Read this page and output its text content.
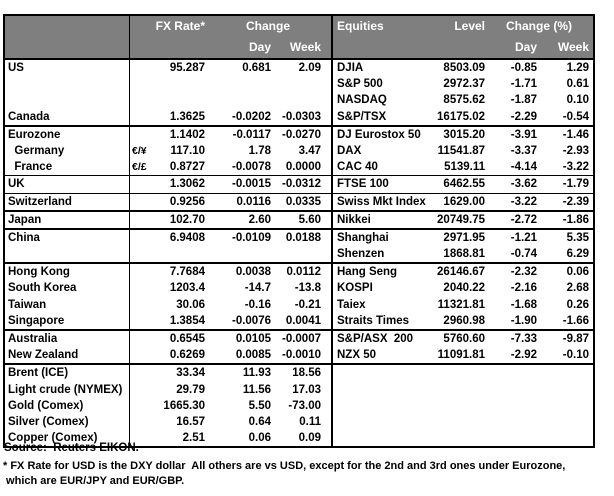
FX Rate*	Change	Equities	Level	Change (%)
Day	Week	Day	Week
US	95.287	0.681	2.09	DJIA	8503.09	-0.85	1.29
S&P 500	2972.37	-1.71	0.61
NASDAQ	8575.62	-1.87	0.10
Canada	1.3625	-0.0202 -0.0303	S&P/TSX	16175.02	-2.29	-0.54
Eurozone	1.1402	-0.0117 -0.0270	DJ Eurostox 50	3015.20	-3.91	-1.46
Germany	€/¥	117.10	1.78	3.47	DAX	11541.87	-3.37	-2.93
France	€/£	0.8727	-0.0078	0.0000	CAC 40	5139.11	-4.14	-3.22
UK	1.3062	-0.0015 -0.0312	FTSE 100	6462.55	-3.62	-1.79
Switzerland	0.9256	0.0116	0.0335	Swiss Mkt Index	1629.00	-3.22	-2.39
Japan	102.70	2.60	5.60	Nikkei	20749.75	-2.72	-1.86
China	6.9408	-0.0109	0.0188	Shanghai	2971.95	-1.21	5.35
Shenzen	1868.81	-0.74	6.29
Hong Kong	7.7684	0.0038	0.0112	Hang Seng	26146.67	-2.32	0.06
South Korea	1203.4	-14.7	-13.8	KOSPI	2040.22	-2.16	2.68
Taiwan	30.06	-0.16	-0.21	Taiex	11321.81	-1.68	0.26
Singapore	1.3854	-0.0076	0.0041	Straits Times	2960.98	-1.90	-1.66
Australia	0.6545	0.0105 -0.0007	S&P/ASX  200	5760.60	-7.33	-9.87
New Zealand	0.6269	0.0085 -0.0010	NZX 50	11091.81	-2.92	-0.10
Brent (ICE)	33.34	11.93	18.56
Light crude (NYMEX)	29.79	11.56	17.03
Gold (Comex)	1665.30	5.50	-73.00
Silver (Comex)	16.57	0.64	0.11
Copper (Comex)	2.51	0.06	0.09
Source:  Reuters EIKON.
* FX Rate for USD is the DXY dollar  All others are vs USD, except for the 2nd and 3rd ones under Eurozone,
which are EUR/JPY and EUR/GBP.
